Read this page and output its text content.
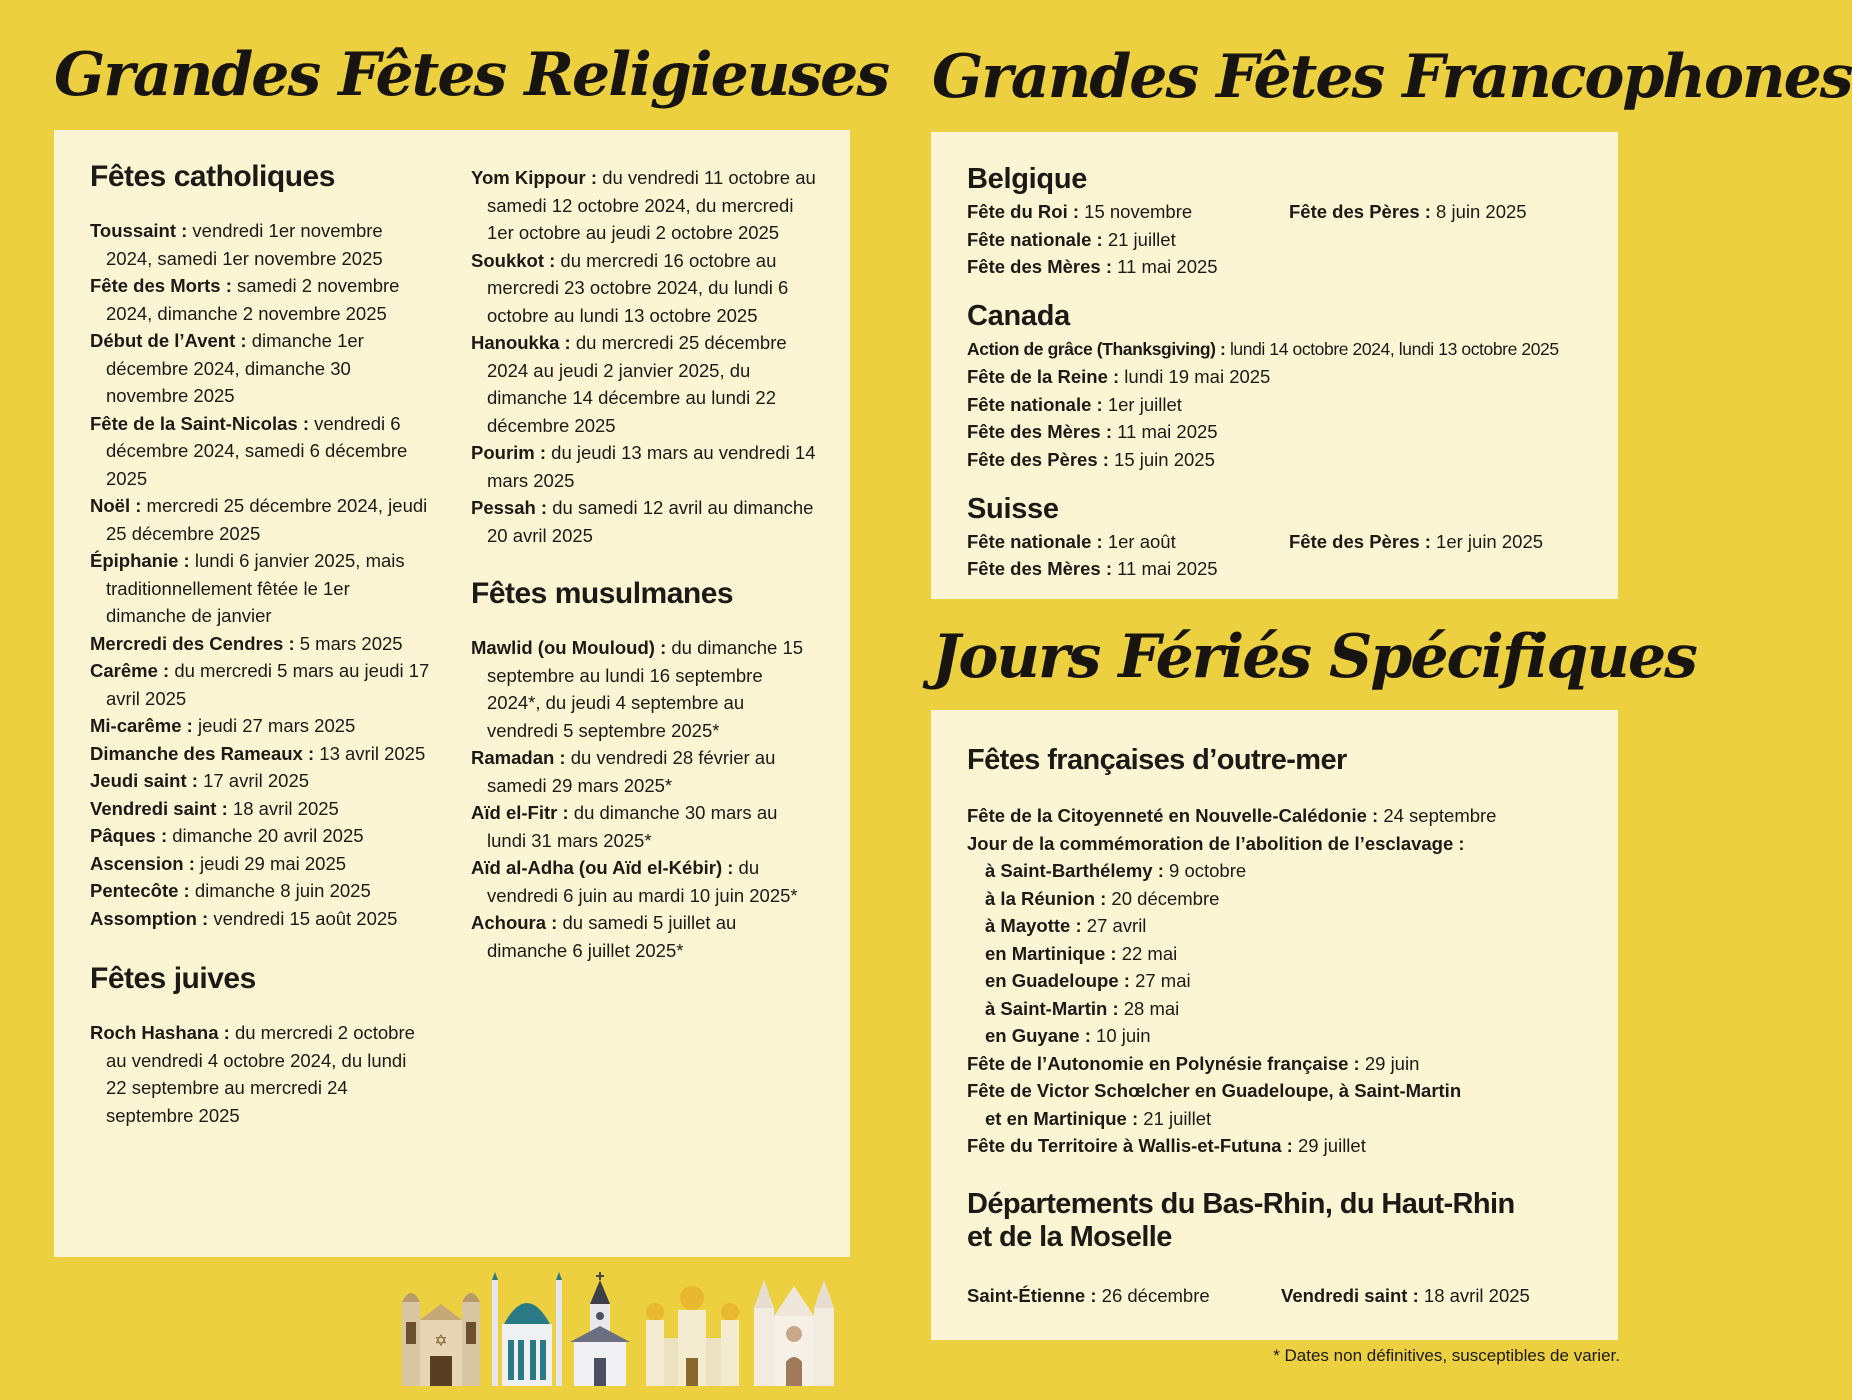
Grandes Fêtes Religieuses Grandes Fêtes Francophones
Jours Fériés Spécifiques
Fêtes catholiques
Toussaint : vendredi 1er novembre 2024, samedi 1er novembre 2025
Fête des Morts : samedi 2 novembre 2024, dimanche 2 novembre 2025
Début de l’Avent : dimanche 1er décembre 2024, dimanche 30 novembre 2025
Fête de la Saint-Nicolas : vendredi 6 décembre 2024, samedi 6 décembre 2025
Noël : mercredi 25 décembre 2024, jeudi 25 décembre 2025
Épiphanie : lundi 6 janvier 2025, mais traditionnellement fêtée le 1er dimanche de janvier
Mercredi des Cendres : 5 mars 2025
Carême : du mercredi 5 mars au jeudi 17 avril 2025
Mi-carême : jeudi 27 mars 2025
Dimanche des Rameaux : 13 avril 2025
Jeudi saint : 17 avril 2025
Vendredi saint : 18 avril 2025
Pâques : dimanche 20 avril 2025
Ascension : jeudi 29 mai 2025
Pentecôte : dimanche 8 juin 2025
Assomption : vendredi 15 août 2025
Fêtes juives
Roch Hashana : du mercredi 2 octobre au vendredi 4 octobre 2024, du lundi 22 septembre au mercredi 24 septembre 2025
Yom Kippour : du vendredi 11 octobre au samedi 12 octobre 2024, du mercredi 1er octobre au jeudi 2 octobre 2025
Soukkot : du mercredi 16 octobre au mercredi 23 octobre 2024, du lundi 6 octobre au lundi 13 octobre 2025
Hanoukka : du mercredi 25 décembre 2024 au jeudi 2 janvier 2025, du dimanche 14 décembre au lundi 22 décembre 2025
Pourim : du jeudi 13 mars au vendredi 14 mars 2025
Pessah : du samedi 12 avril au dimanche 20 avril 2025
Fêtes musulmanes
Mawlid (ou Mouloud) : du dimanche 15 septembre au lundi 16 septembre 2024*, du jeudi 4 septembre au vendredi 5 septembre 2025*
Ramadan : du vendredi 28 février au samedi 29 mars 2025*
Aïd el-Fitr : du dimanche 30 mars au lundi 31 mars 2025*
Aïd al-Adha (ou Aïd el-Kébir) : du vendredi 6 juin au mardi 10 juin 2025*
Achoura : du samedi 5 juillet au dimanche 6 juillet 2025*
Belgique
Fête du Roi : 15 novembre	Fête des Pères : 8 juin 2025
Fête nationale : 21 juillet
Fête des Mères : 11 mai 2025
Canada
Action de grâce (Thanksgiving) : lundi 14 octobre 2024, lundi 13 octobre 2025
Fête de la Reine : lundi 19 mai 2025
Fête nationale : 1er juillet
Fête des Mères : 11 mai 2025
Fête des Pères : 15 juin 2025
Suisse
Fête nationale : 1er août	Fête des Pères : 1er juin 2025
Fête des Mères : 11 mai 2025
Fêtes françaises d’outre-mer
Fête de la Citoyenneté en Nouvelle-Calédonie : 24 septembre
Jour de la commémoration de l’abolition de l’esclavage :
à Saint-Barthélemy : 9 octobre
à la Réunion : 20 décembre
à Mayotte : 27 avril
en Martinique : 22 mai
en Guadeloupe : 27 mai
à Saint-Martin : 28 mai
en Guyane : 10 juin
Fête de l’Autonomie en Polynésie française : 29 juin
Fête de Victor Schœlcher en Guadeloupe, à Saint-Martin
et en Martinique : 21 juillet
Fête du Territoire à Wallis-et-Futuna : 29 juillet
Départements du Bas-Rhin, du Haut-Rhin
et de la Moselle
Saint-Étienne : 26 décembre	Vendredi saint : 18 avril 2025
* Dates non définitives, susceptibles de varier.
✡
